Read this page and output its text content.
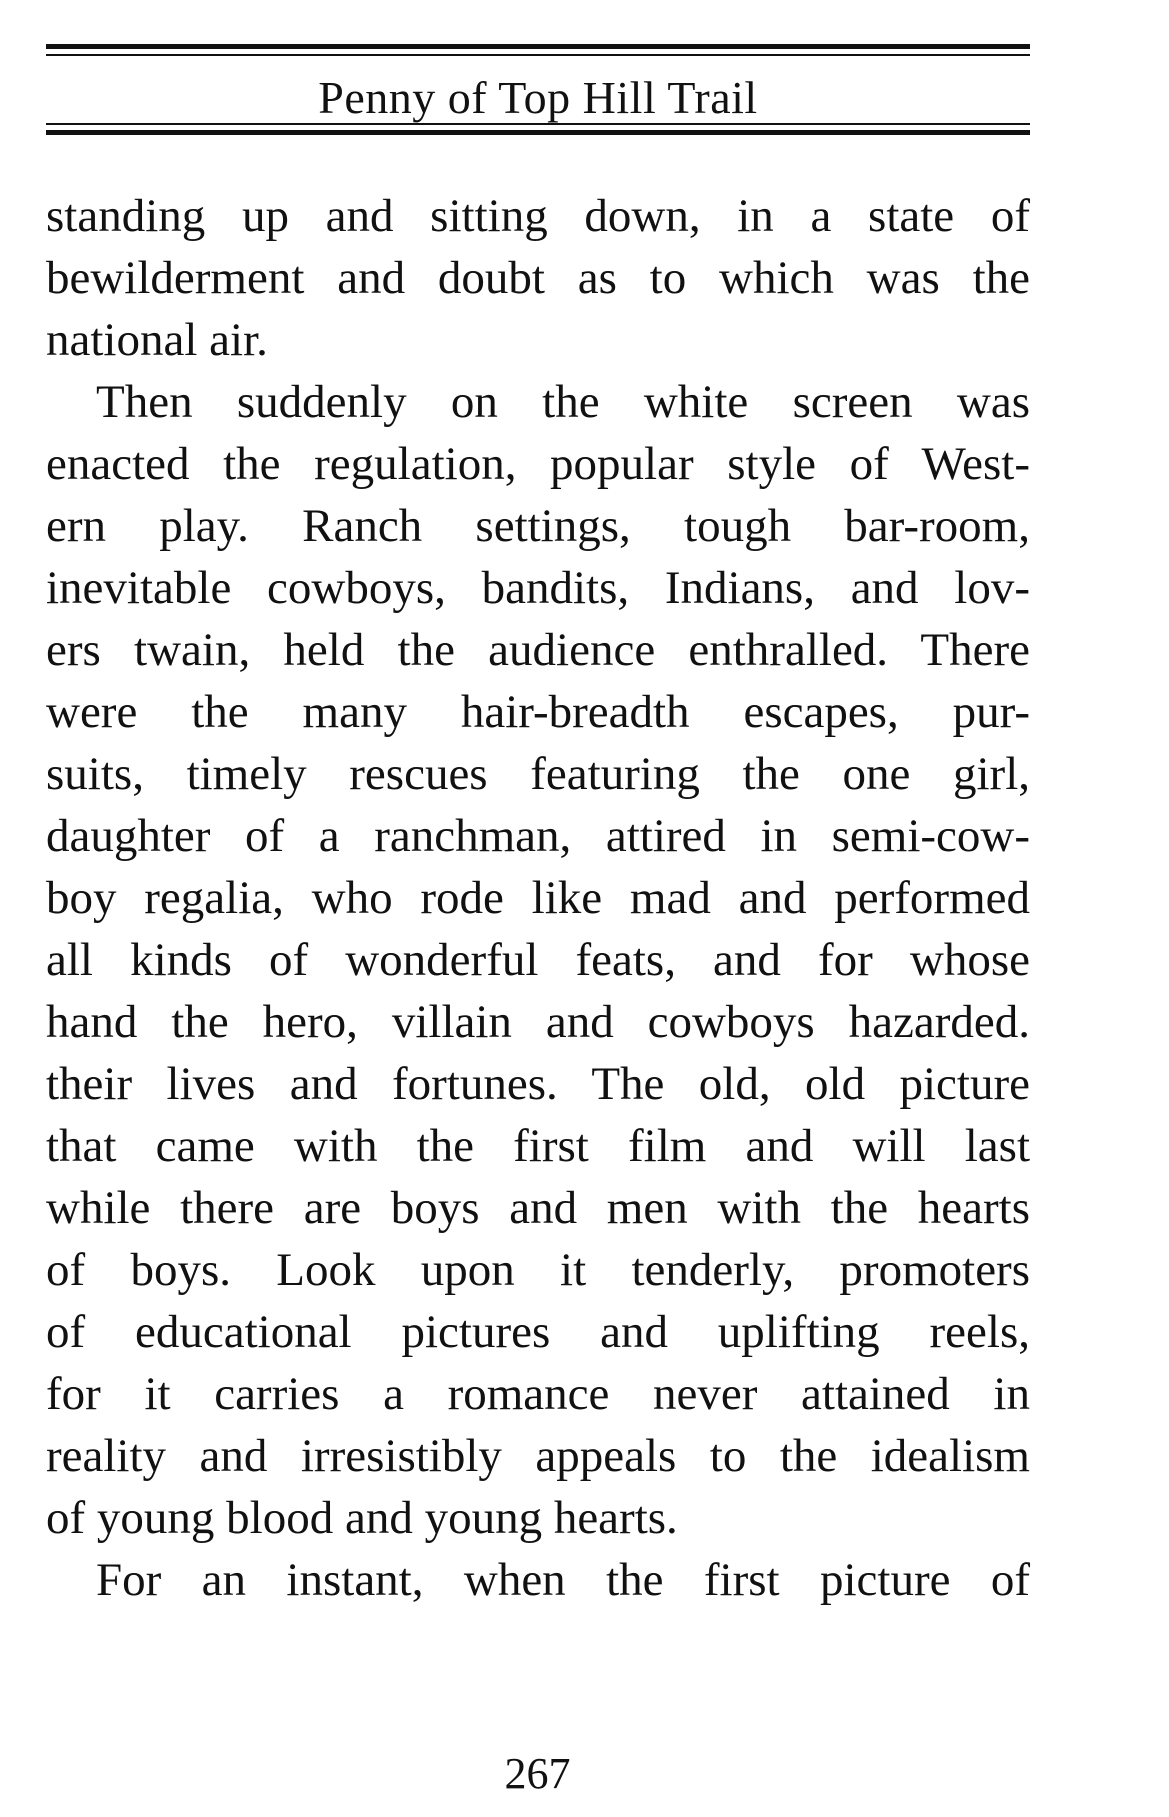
Penny of Top Hill Trail
standing up and sitting down, in a state of
bewilderment and doubt as to which was the
national air.
Then suddenly on the white screen was
enacted the regulation, popular style of West-
ern play. Ranch settings, tough bar-room,
inevitable cowboys, bandits, Indians, and lov-
ers twain, held the audience enthralled. There
were the many hair-breadth escapes, pur-
suits, timely rescues featuring the one girl,
daughter of a ranchman, attired in semi-cow-
boy regalia, who rode like mad and performed
all kinds of wonderful feats, and for whose
hand the hero, villain and cowboys hazarded.
their lives and fortunes. The old, old picture
that came with the first film and will last
while there are boys and men with the hearts
of boys. Look upon it tenderly, promoters
of educational pictures and uplifting reels,
for it carries a romance never attained in
reality and irresistibly appeals to the idealism
of young blood and young hearts.
For an instant, when the first picture of
267
